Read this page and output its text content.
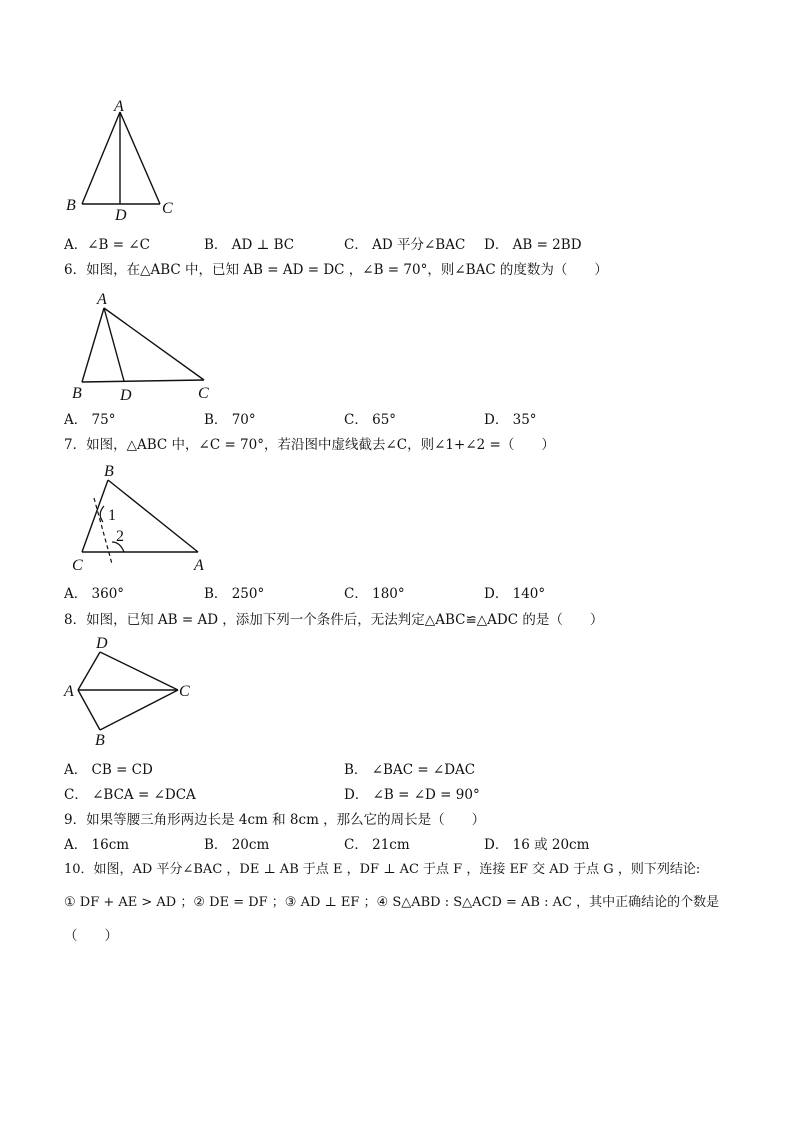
A
B	C
D
A．∠B = ∠C	B． AD ⊥ BC	C． AD 平分∠BAC D． AB = 2BD
6．如图，在△ABC 中，已知 AB = AD = DC ，∠B = 70°，则∠BAC 的度数为（　　）
A
B D	C
A． 75°	B． 70°	C． 65°	D． 35°
7．如图，△ABC 中，∠C = 70°，若沿图中虚线截去∠C，则∠1+∠2 =（　　）
B
C	A
1
2
A． 360°	B． 250°	C． 180°	D． 140°
8．如图，已知 AB = AD ，添加下列一个条件后，无法判定△ABC≌△ADC 的是（　　）
D
A	C
B
A． CB = CD	B． ∠BAC = ∠DAC
C． ∠BCA = ∠DCA	D． ∠B = ∠D = 90°
9．如果等腰三角形两边长是 4cm 和 8cm ，那么它的周长是（　　）
A． 16cm	B． 20cm	C． 21cm	D． 16 或 20cm
10．如图，AD 平分∠BAC ，DE ⊥ AB 于点 E ，DF ⊥ AC 于点 F ，连接 EF 交 AD 于点 G ，则下列结论:
① DF + AE > AD ；② DE = DF ；③ AD ⊥ EF ；④ S△ABD : S△ACD = AB : AC ，其中正确结论的个数是
（　　）
